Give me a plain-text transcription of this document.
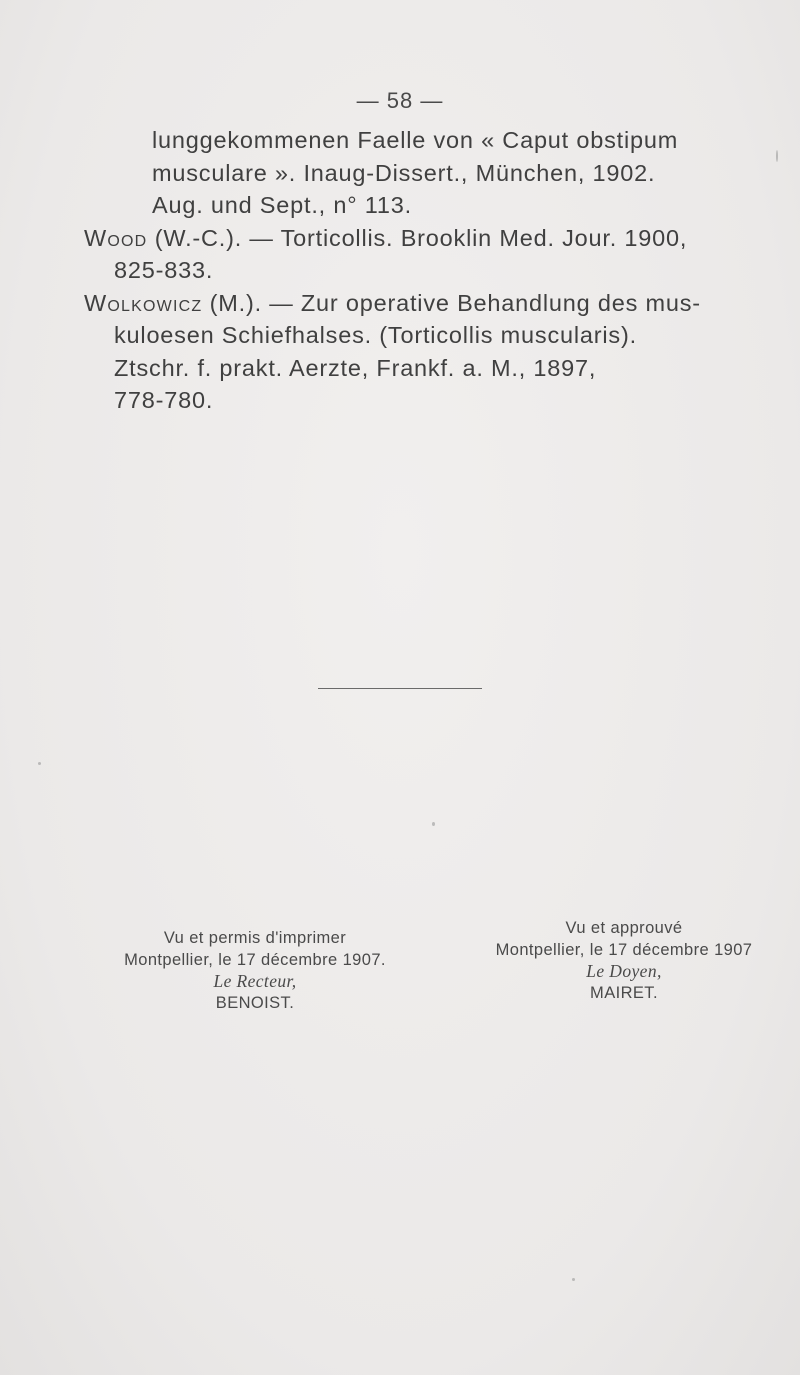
— 58 —

lunggekommenen Faelle von « Caput obstipum
musculare ». Inaug-Dissert., München, 1902.
Aug. und Sept., n° 113.

Wood (W.-C.). — Torticollis. Brooklin Med. Jour. 1900,
825-833.

Wolkowicz (M.). — Zur operative Behandlung des mus-
kuloesen Schiefhalses. (Torticollis muscularis).
Ztschr. f. prakt. Aerzte, Frankf. a. M., 1897,
778-780.

Vu et permis d'imprimer
Montpellier, le 17 décembre 1907.
Le Recteur,
BENOIST.
Vu et approuvé
Montpellier, le 17 décembre 1907
Le Doyen,
MAIRET.
